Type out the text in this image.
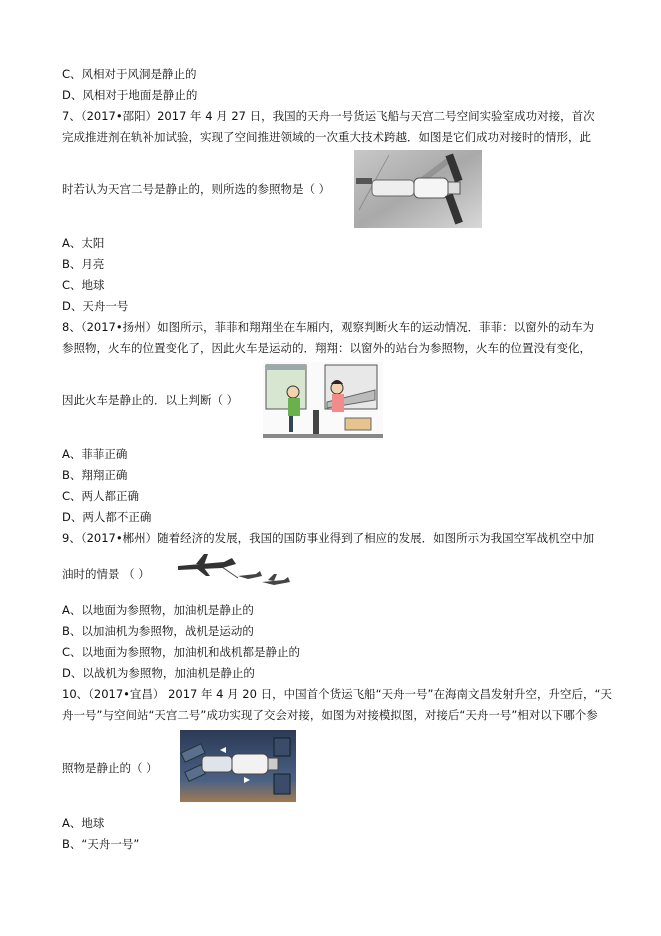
C、风相对于风洞是静止的
D、风相对于地面是静止的
7、（2017•邵阳）2017 年 4 月 27 日，我国的天舟一号货运飞船与天宫二号空间实验室成功对接，首次
完成推进剂在轨补加试验，实现了空间推进领域的一次重大技术跨越．如图是它们成功对接时的情形，此
时若认为天宫二号是静止的，则所选的参照物是（ ）
A、太阳
B、月亮
C、地球
D、天舟一号
8、（2017•扬州）如图所示，菲菲和翔翔坐在车厢内，观察判断火车的运动情况．菲菲：以窗外的动车为
参照物，火车的位置变化了，因此火车是运动的．翔翔：以窗外的站台为参照物，火车的位置没有变化，
因此火车是静止的．以上判断（ ）
A、菲菲正确
B、翔翔正确
C、两人都正确
D、两人都不正确
9、（2017•郴州）随着经济的发展，我国的国防事业得到了相应的发展．如图所示为我国空军战机空中加
油时的情景 （ ）
A、以地面为参照物，加油机是静止的
B、以加油机为参照物，战机是运动的
C、以地面为参照物，加油机和战机都是静止的
D、以战机为参照物，加油机是静止的
10、（2017•宜昌） 2017 年 4 月 20 日，中国首个货运飞船“天舟一号”在海南文昌发射升空，升空后，“天
舟一号”与空间站“天宫二号”成功实现了交会对接，如图为对接模拟图，对接后“天舟一号”相对以下哪个参
照物是静止的（ ）
A、地球
B、“天舟一号”
